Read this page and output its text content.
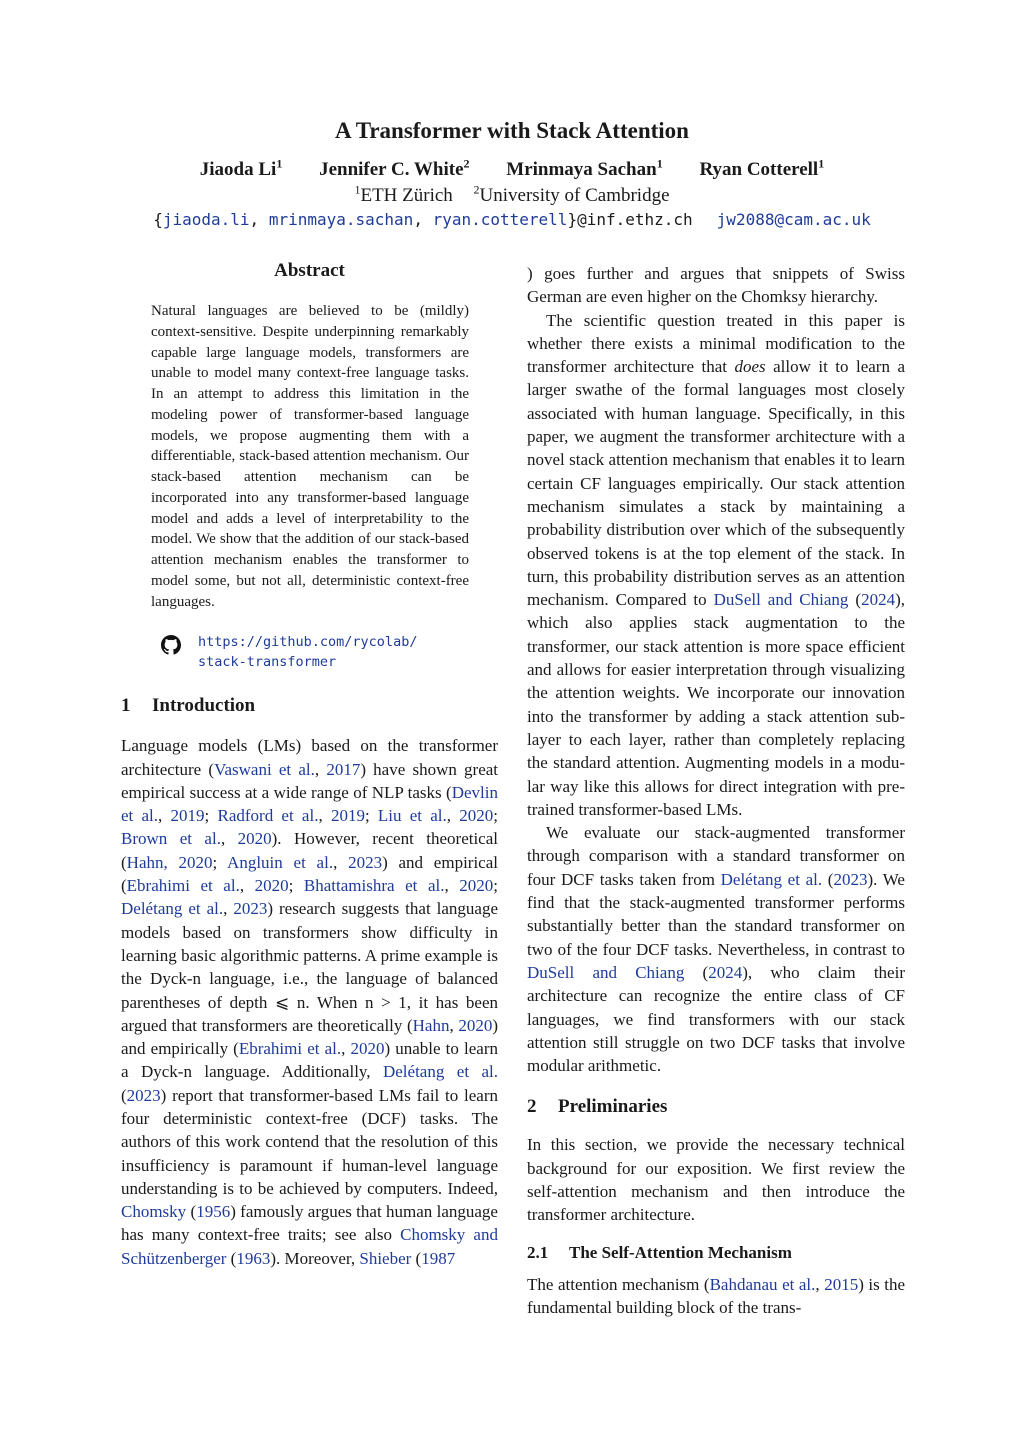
A Transformer with Stack Attention
Jiaoda Li$^1$ Jennifer C. White$^2$ Mrinmaya Sachan$^1$ Ryan Cotterell$^1$
$^1$ETH Zürich $^2$University of Cambridge
{jiaoda.li, mrinmaya.sachan, ryan.cotterell}@inf.ethz.ch jw2088@cam.ac.uk
Abstract

Natural languages are believed to be (mildly) context-sensitive. Despite underpinning remarkably capable large language models, transformers are unable to model many context-free language tasks. In an attempt to address this limitation in the modeling power of transformer-based language models, we propose augmenting them with a differentiable, stack-based attention mechanism. Our stack-based attention mechanism can be incorporated into any transformer-based language model and adds a level of interpretability to the model. We show that the addition of our stack-based attention mechanism enables the transformer to model some, but not all, deterministic context-free languages.

https://github.com/rycolab/
stack-transformer
1 Introduction

Language models (LMs) based on the transformer architecture (Vaswani et al., 2017) have shown great empirical success at a wide range of NLP tasks (Devlin et al., 2019; Radford et al., 2019; Liu et al., 2020; Brown et al., 2020). However, recent theoretical (Hahn, 2020; Angluin et al., 2023) and empirical (Ebrahimi et al., 2020; Bhattamishra et al., 2020; Delétang et al., 2023) research suggests that language models based on transformers show difficulty in learning basic algorithmic patterns. A prime example is the Dyck-n language, i.e., the language of balanced parentheses of depth ⩽ n. When n > 1, it has been argued that transformers are theoretically (Hahn, 2020) and empirically (Ebrahimi et al., 2020) unable to learn a Dyck-n language. Additionally, Delétang et al. (2023) report that transformer-based LMs fail to learn four deterministic context-free (DCF) tasks. The authors of this work contend that the resolution of this insufficiency is paramount if human-level language understanding is to be achieved by computers. Indeed, Chomsky (1956) famously argues that human language has many context-free traits; see also Chomsky and Schützenberger (1963). Moreover, Shieber (1987

) goes further and argues that snippets of Swiss German are even higher on the Chomksy hierarchy.

The scientific question treated in this paper is whether there exists a minimal modification to the transformer architecture that does allow it to learn a larger swathe of the formal languages most closely associated with human language. Specifically, in this paper, we augment the transformer architecture with a novel stack attention mechanism that enables it to learn certain CF languages empirically. Our stack attention mechanism simulates a stack by maintaining a probability distribution over which of the subsequently observed tokens is at the top element of the stack. In turn, this probability distribution serves as an attention mechanism. Compared to DuSell and Chiang (2024), which also applies stack augmentation to the transformer, our stack attention is more space efficient and allows for easier interpretation through visualizing the attention weights. We incorporate our innovation into the transformer by adding a stack attention sub-layer to each layer, rather than completely replacing the standard attention. Augmenting models in a modular way like this allows for direct integration with pre-trained transformer-based LMs.

We evaluate our stack-augmented transformer through comparison with a standard transformer on four DCF tasks taken from Delétang et al. (2023). We find that the stack-augmented transformer performs substantially better than the standard transformer on two of the four DCF tasks. Nevertheless, in contrast to DuSell and Chiang (2024), who claim their architecture can recognize the entire class of CF languages, we find transformers with our stack attention still struggle on two DCF tasks that involve modular arithmetic.

2 Preliminaries

In this section, we provide the necessary technical background for our exposition. We first review the self-attention mechanism and then introduce the transformer architecture.

2.1 The Self-Attention Mechanism

The attention mechanism (Bahdanau et al., 2015) is the fundamental building block of the trans-
